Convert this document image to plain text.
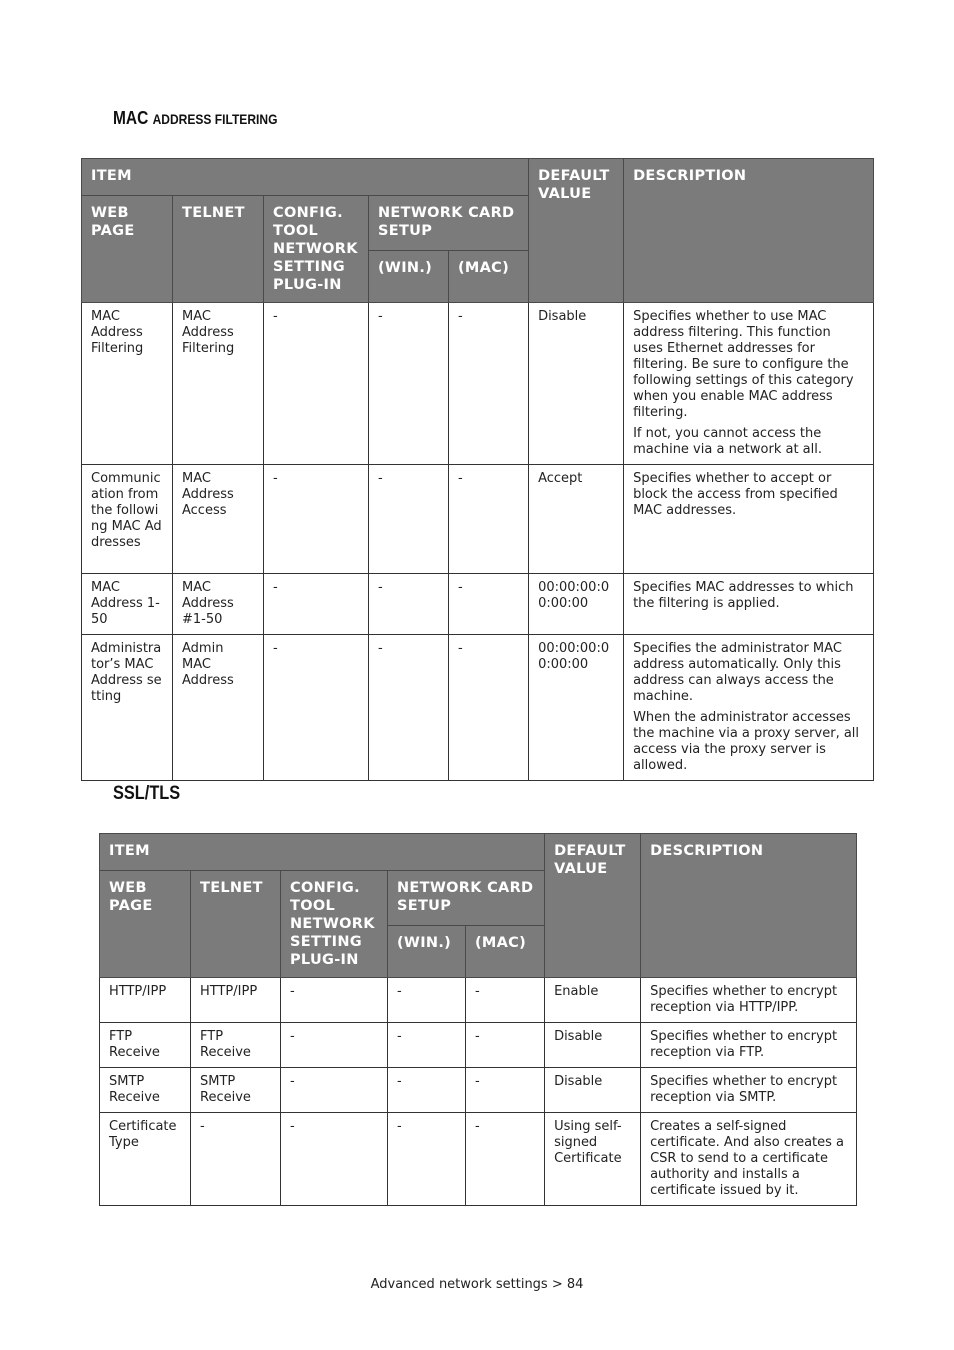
MAC ADDRESS FILTERING
ITEM					DEFAULT VALUE	DESCRIPTION
WEB PAGE	TELNET	CONFIG. TOOL NETWORK SETTING PLUG-IN	NETWORK CARD SETUP			
			(WIN.)	(MAC)		
MAC Address Filtering	MAC Address Filtering	-	-	-	Disable	Specifies whether to use MAC address filtering. This function uses Ethernet addresses for filtering. Be sure to configure the following settings of this category when you enable MAC address filtering.

If not, you cannot access the machine via a network at all.

Communication from the following MAC Addresses	MAC Address Access	-	-	-	Accept	Specifies whether to accept or block the access from specified MAC addresses.

MAC Address 1-50	MAC Address #1-50	-	-	-	00:00:00:00:00:00	Specifies MAC addresses to which the filtering is applied.

Administrator’s MAC Address setting	Admin MAC Address	-	-	-	00:00:00:00:00:00	Specifies the administrator MAC address automatically. Only this address can always access the machine.

When the administrator accesses the machine via a proxy server, all access via the proxy server is allowed.

SSL/TLS
ITEM					DEFAULT VALUE	DESCRIPTION
WEB PAGE	TELNET	CONFIG. TOOL NETWORK SETTING PLUG-IN	NETWORK CARD SETUP			
			(WIN.)	(MAC)		
HTTP/IPP	HTTP/IPP	-	-	-	Enable	Specifies whether to encrypt reception via HTTP/IPP.

FTP Receive	FTP Receive	-	-	-	Disable	Specifies whether to encrypt reception via FTP.

SMTP Receive	SMTP Receive	-	-	-	Disable	Specifies whether to encrypt reception via SMTP.

Certificate Type	-	-	-	-	Using self-signed Certificate	Creates a self-signed certificate. And also creates a CSR to send to a certificate authority and installs a certificate issued by it.

Advanced network settings > 84
